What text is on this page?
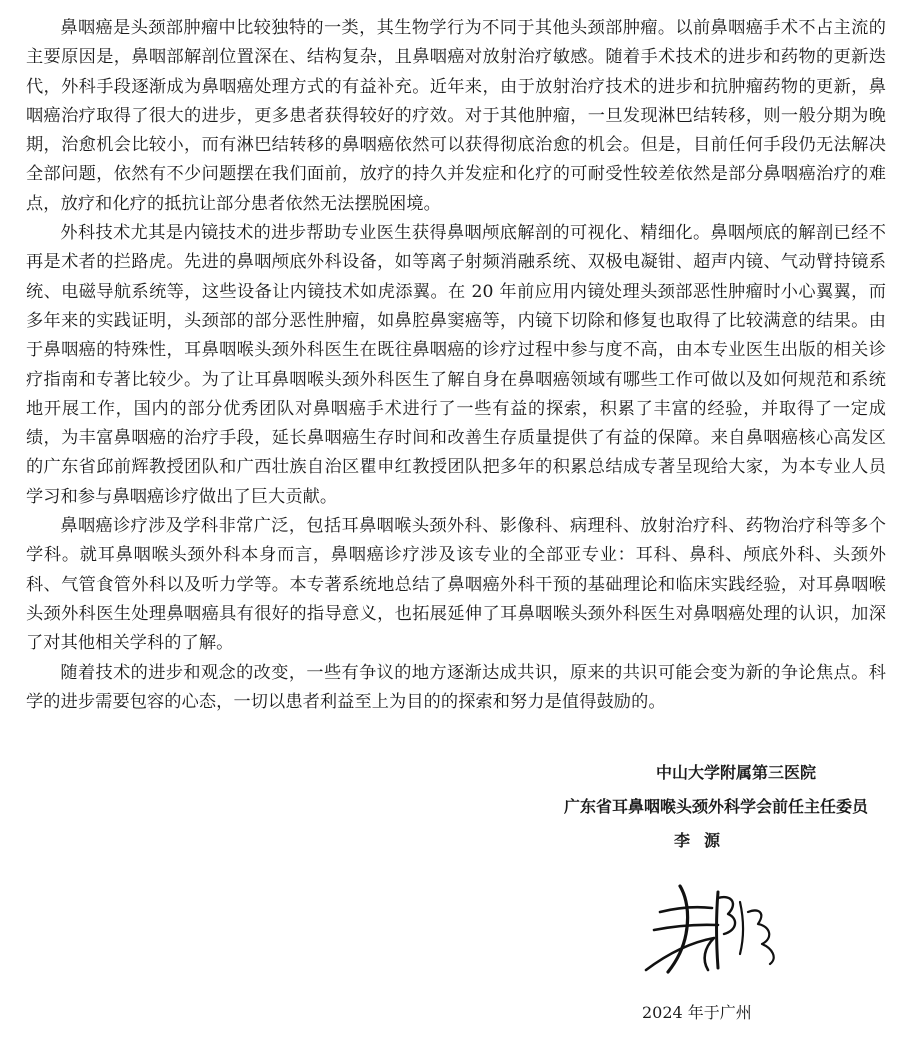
鼻咽癌是头颈部肿瘤中比较独特的一类，其生物学行为不同于其他头颈部肿瘤。以前鼻咽癌手术不占主流的主要原因是，鼻咽部解剖位置深在、结构复杂，且鼻咽癌对放射治疗敏感。随着手术技术的进步和药物的更新迭代，外科手段逐渐成为鼻咽癌处理方式的有益补充。近年来，由于放射治疗技术的进步和抗肿瘤药物的更新，鼻咽癌治疗取得了很大的进步，更多患者获得较好的疗效。对于其他肿瘤，一旦发现淋巴结转移，则一般分期为晚期，治愈机会比较小，而有淋巴结转移的鼻咽癌依然可以获得彻底治愈的机会。但是，目前任何手段仍无法解决全部问题，依然有不少问题摆在我们面前，放疗的持久并发症和化疗的可耐受性较差依然是部分鼻咽癌治疗的难点，放疗和化疗的抵抗让部分患者依然无法摆脱困境。

外科技术尤其是内镜技术的进步帮助专业医生获得鼻咽颅底解剖的可视化、精细化。鼻咽颅底的解剖已经不再是术者的拦路虎。先进的鼻咽颅底外科设备，如等离子射频消融系统、双极电凝钳、超声内镜、气动臂持镜系统、电磁导航系统等，这些设备让内镜技术如虎添翼。在 20 年前应用内镜处理头颈部恶性肿瘤时小心翼翼，而多年来的实践证明，头颈部的部分恶性肿瘤，如鼻腔鼻窦癌等，内镜下切除和修复也取得了比较满意的结果。由于鼻咽癌的特殊性，耳鼻咽喉头颈外科医生在既往鼻咽癌的诊疗过程中参与度不高，由本专业医生出版的相关诊疗指南和专著比较少。为了让耳鼻咽喉头颈外科医生了解自身在鼻咽癌领域有哪些工作可做以及如何规范和系统地开展工作，国内的部分优秀团队对鼻咽癌手术进行了一些有益的探索，积累了丰富的经验，并取得了一定成绩，为丰富鼻咽癌的治疗手段，延长鼻咽癌生存时间和改善生存质量提供了有益的保障。来自鼻咽癌核心高发区的广东省邱前辉教授团队和广西壮族自治区瞿申红教授团队把多年的积累总结成专著呈现给大家，为本专业人员学习和参与鼻咽癌诊疗做出了巨大贡献。

鼻咽癌诊疗涉及学科非常广泛，包括耳鼻咽喉头颈外科、影像科、病理科、放射治疗科、药物治疗科等多个学科。就耳鼻咽喉头颈外科本身而言，鼻咽癌诊疗涉及该专业的全部亚专业：耳科、鼻科、颅底外科、头颈外科、气管食管外科以及听力学等。本专著系统地总结了鼻咽癌外科干预的基础理论和临床实践经验，对耳鼻咽喉头颈外科医生处理鼻咽癌具有很好的指导意义，也拓展延伸了耳鼻咽喉头颈外科医生对鼻咽癌处理的认识，加深了对其他相关学科的了解。

随着技术的进步和观念的改变，一些有争议的地方逐渐达成共识，原来的共识可能会变为新的争论焦点。科学的进步需要包容的心态，一切以患者利益至上为目的的探索和努力是值得鼓励的。

中山大学附属第三医院
广东省耳鼻咽喉头颈外科学会前任主任委员
李源
2024 年于广州
